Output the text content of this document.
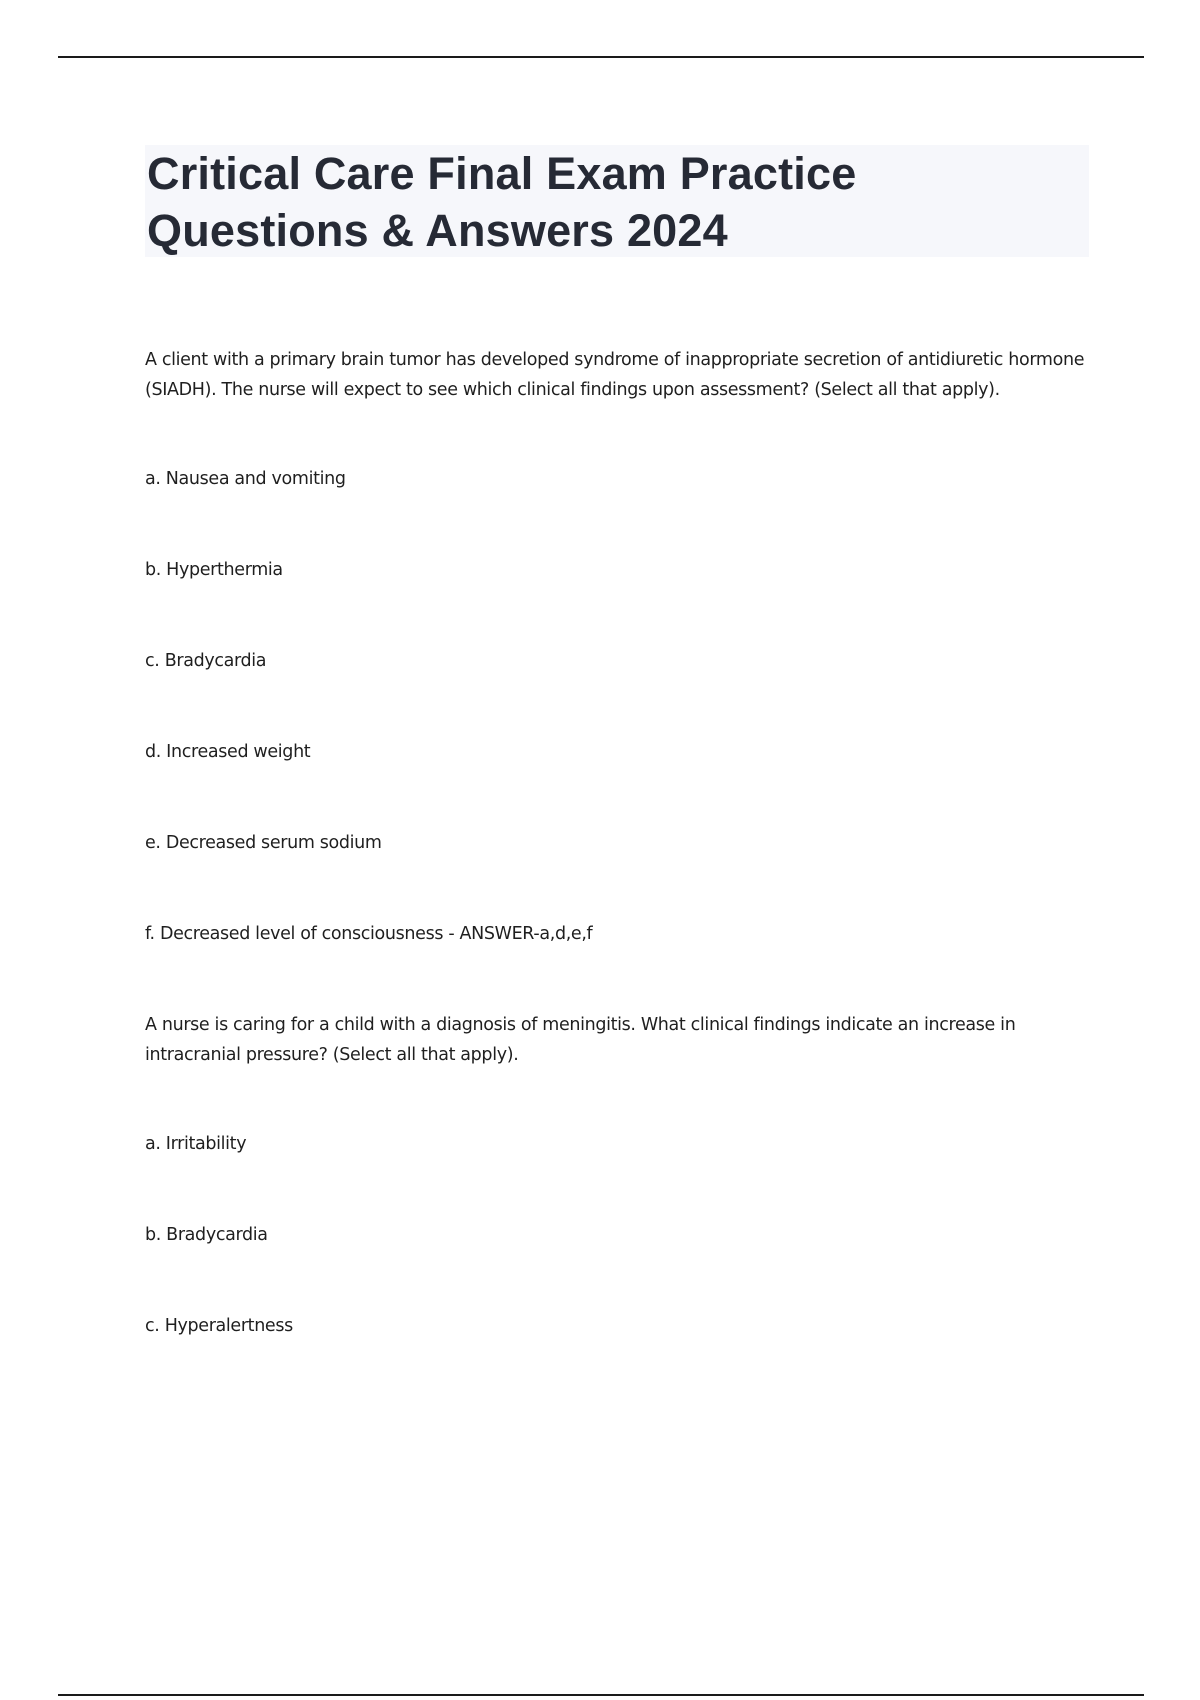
Critical Care Final Exam Practice Questions & Answers 2024

A client with a primary brain tumor has developed syndrome of inappropriate secretion of antidiuretic hormone (SIADH). The nurse will expect to see which clinical findings upon assessment? (Select all that apply).

a. Nausea and vomiting

b. Hyperthermia

c. Bradycardia

d. Increased weight

e. Decreased serum sodium

f. Decreased level of consciousness - ANSWER-a,d,e,f

A nurse is caring for a child with a diagnosis of meningitis. What clinical findings indicate an increase in intracranial pressure? (Select all that apply).

a. Irritability

b. Bradycardia

c. Hyperalertness
